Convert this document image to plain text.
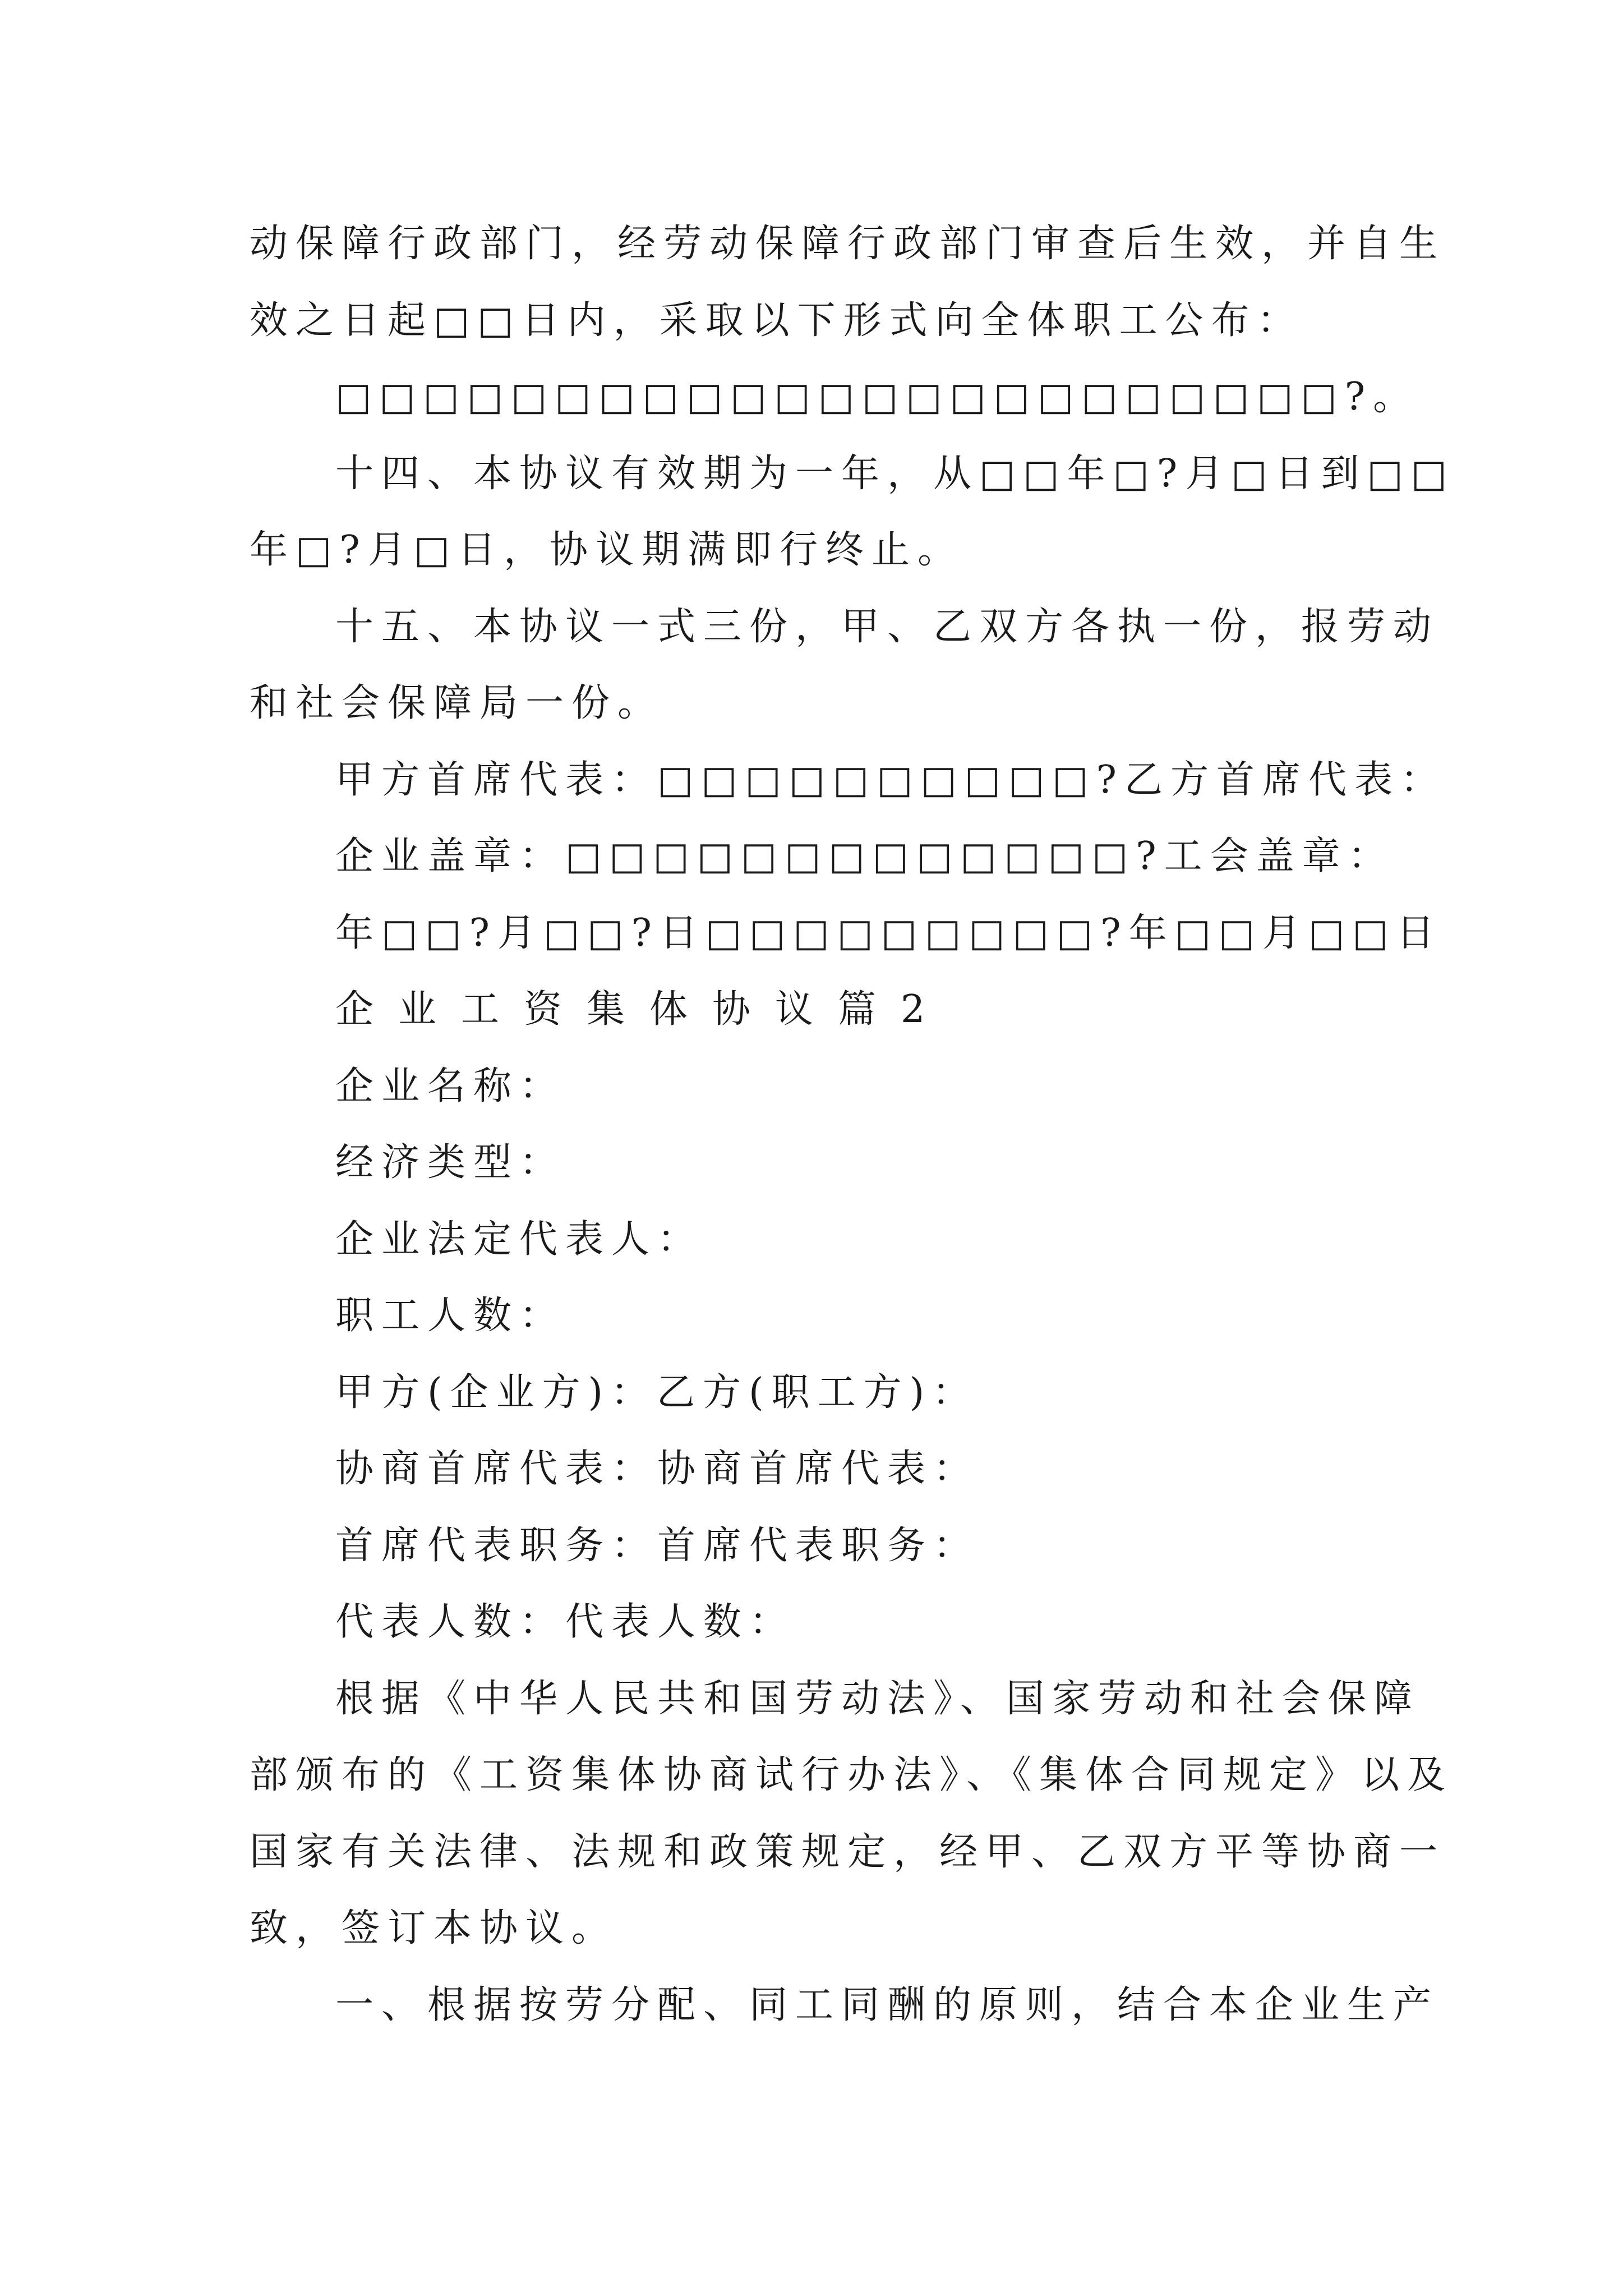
动保障行政部门，经劳动保障行政部门审查后生效，并自生
效之日起□□日内，采取以下形式向全体职工公布：
□□□□□□□□□□□□□□□□□□□□□□□?。
十四、本协议有效期为一年，从□□年□?月□日到□□
年□?月□日，协议期满即行终止。
十五、本协议一式三份，甲、乙双方各执一份，报劳动
和社会保障局一份。
甲方首席代表：□□□□□□□□□□?乙方首席代表：
企业盖章：□□□□□□□□□□□□□?工会盖章：
年□□?月□□?日□□□□□□□□□?年□□月□□日
企业工资集体协议篇2
企业名称：
经济类型：
企业法定代表人：
职工人数：
甲方(企业方)：乙方(职工方)：
协商首席代表：协商首席代表：
首席代表职务：首席代表职务：
代表人数：代表人数：
根据《中华人民共和国劳动法》、国家劳动和社会保障
部颁布的《工资集体协商试行办法》、《集体合同规定》以及
国家有关法律、法规和政策规定，经甲、乙双方平等协商一
致，签订本协议。
一、根据按劳分配、同工同酬的原则，结合本企业生产
